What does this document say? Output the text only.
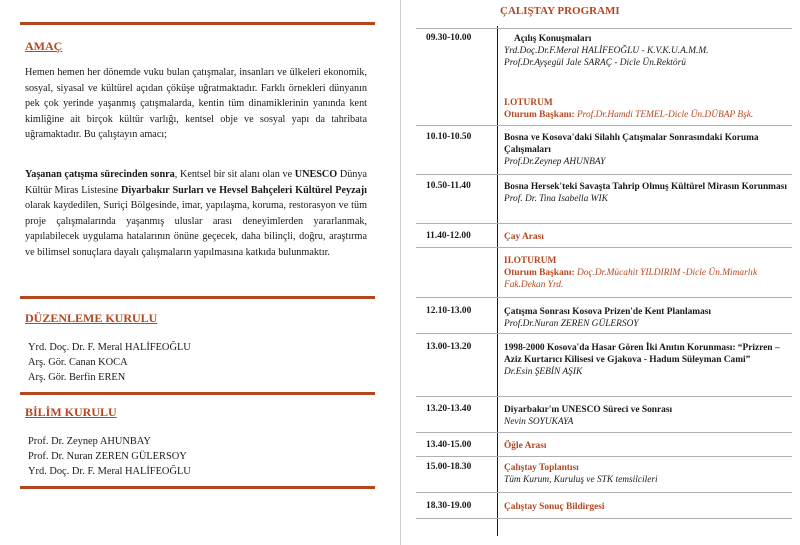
AMAÇ
Hemen hemen her dönemde vuku bulan çatışmalar, insanları ve ülkeleri ekonomik, sosyal, siyasal ve kültürel açıdan çöküşe uğratmaktadır. Farklı örnekleri dünyanın pek çok yerinde yaşanmış çatışmalarda, kentin tüm dinamiklerinin yanında kent kimliğine ait birçok kültür varlığı, kentsel obje ve sosyal yapı da tahribata uğramaktadır. Bu çalıştayın amacı;
Yaşanan çatışma sürecinden sonra, Kentsel bir sit alanı olan ve UNESCO Dünya Kültür Miras Listesine Diyarbakır Surları ve Hevsel Bahçeleri Kültürel Peyzajı olarak kaydedilen, Suriçi Bölgesinde, imar, yapılaşma, koruma, restorasyon ve tüm proje çalışmalarında yaşanmış uluslar arası deneyimlerden yararlanmak, yapılabilecek uygulama hatalarının önüne geçecek, daha bilinçli, doğru, araştırma ve bilimsel sonuçlara dayalı çalışmaların yapılmasına katkıda bulunmaktır.
DÜZENLEME KURULU
Yrd. Doç. Dr. F. Meral HALİFEOĞLU
Arş. Gör. Canan KOCA
Arş. Gör. Berfin EREN
BİLİM KURULU
Prof. Dr. Zeynep AHUNBAY
Prof. Dr. Nuran ZEREN GÜLERSOY
Yrd. Doç. Dr. F. Meral HALİFEOĞLU
ÇALIŞTAY PROGRAMI
09.30-10.00	Açılış Konuşmaları
Yrd.Doç.Dr.F.Meral HALİFEOĞLU - K.V.K.U.A.M.M.
Prof.Dr.Ayşegül Jale SARAÇ - Dicle Ün.Rektörü
I.OTURUM
Oturum Başkanı: Prof.Dr.Hamdi TEMEL-Dicle Ün.DÜBAP Bşk.
10.10-10.50	Bosna ve Kosova'daki Silahlı Çatışmalar Sonrasındaki Koruma Çalışmaları
Prof.Dr.Zeynep AHUNBAY
10.50-11.40	Bosna Hersek'teki Savaşta Tahrip Olmuş Kültürel Mirasın Korunması
Prof. Dr. Tina Isabella WIK
11.40-12.00	Çay Arası
II.OTURUM
Oturum Başkanı: Doç.Dr.Mücahit YILDIRIM -Dicle Ün.Mimarlık Fak.Dekan Yrd.
12.10-13.00	Çatışma Sonrası Kosova Prizen'de Kent Planlaması
Prof.Dr.Nuran ZEREN GÜLERSOY
13.00-13.20	1998-2000 Kosova'da Hasar Gören İki Anıtın Korunması: “Prizren – Aziz Kurtarıcı Kilisesi ve Gjakova - Hadum Süleyman Cami”
Dr.Esin ŞEBİN AŞIK
13.20-13.40	Diyarbakır'ın UNESCO Süreci ve Sonrası
Nevin SOYUKAYA
13.40-15.00	Öğle Arası
15.00-18.30	Çalıştay Toplantısı
Tüm Kurum, Kuruluş ve STK temsilcileri
18.30-19.00	Çalıştay Sonuç Bildirgesi
